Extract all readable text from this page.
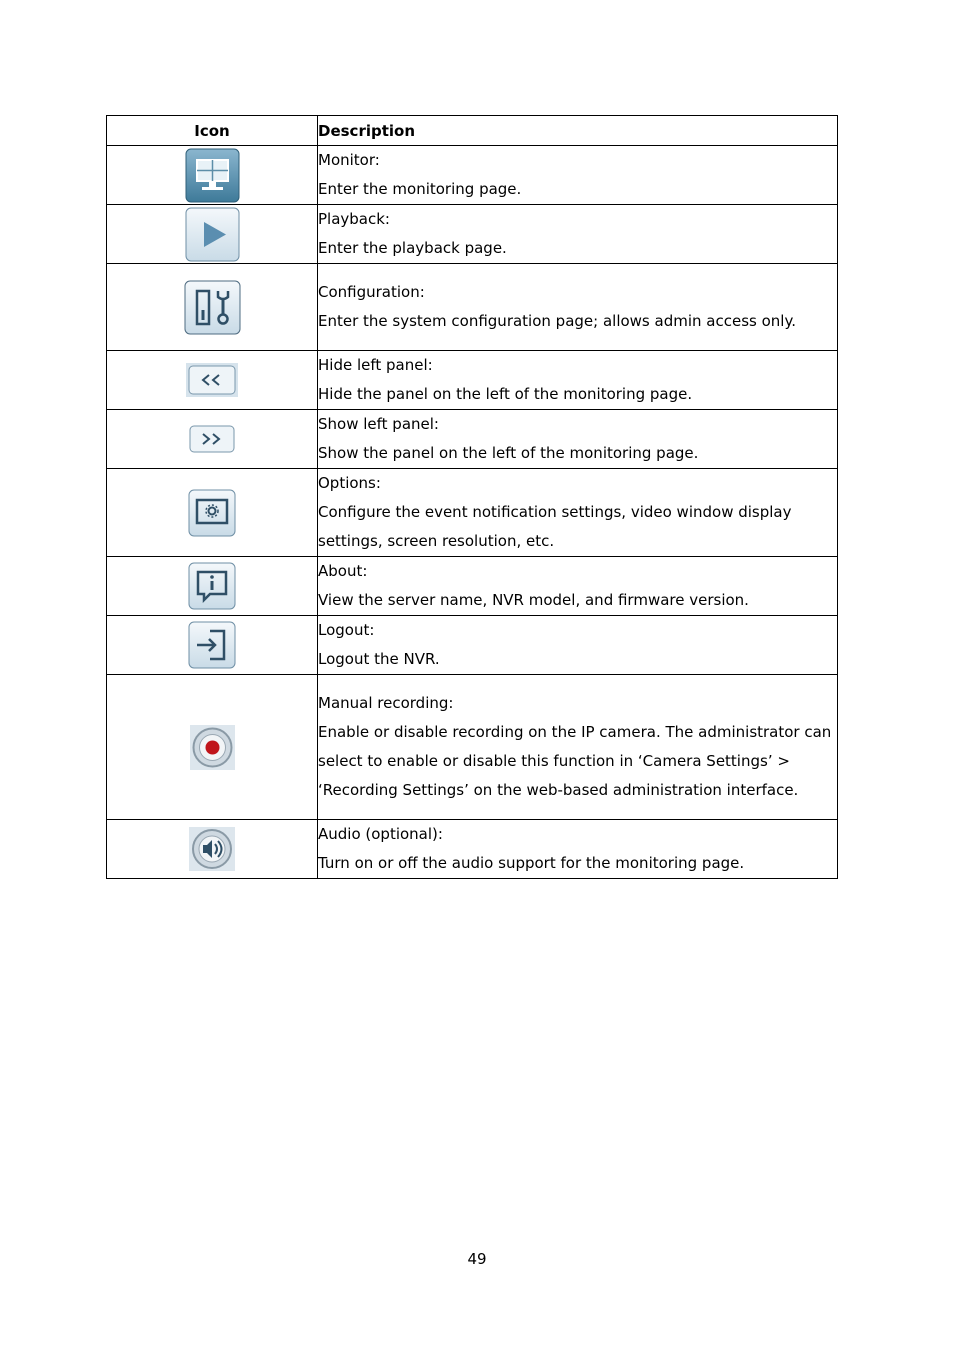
Icon	Description

Monitor:
Enter the monitoring page.

Playback:
Enter the playback page.

Configuration:
Enter the system configuration page; allows admin access only.

Hide left panel:
Hide the panel on the left of the monitoring page.

Show left panel:
Show the panel on the left of the monitoring page.

Options:
Configure the event notification settings, video window display settings, screen resolution, etc.

About:
View the server name, NVR model, and firmware version.

Logout:
Logout the NVR.

Manual recording:
Enable or disable recording on the IP camera. The administrator can select to enable or disable this function in ‘Camera Settings’ > ‘Recording Settings’ on the web-based administration interface.

Audio (optional):
Turn on or off the audio support for the monitoring page.
49
